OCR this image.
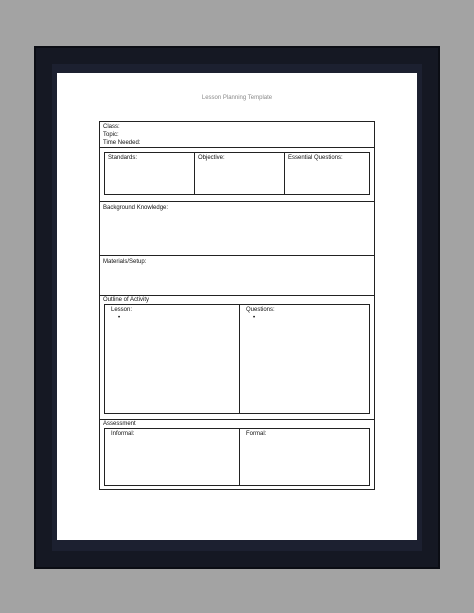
Lesson Planning Template
Class:
Topic:
Time Needed:
Standards:	Objective:	Essential Questions:
Background Knowledge:
Materials/Setup:
Outline of Activity
Lesson:
•
Questions:
•
Assessment
Informal:	Formal:
